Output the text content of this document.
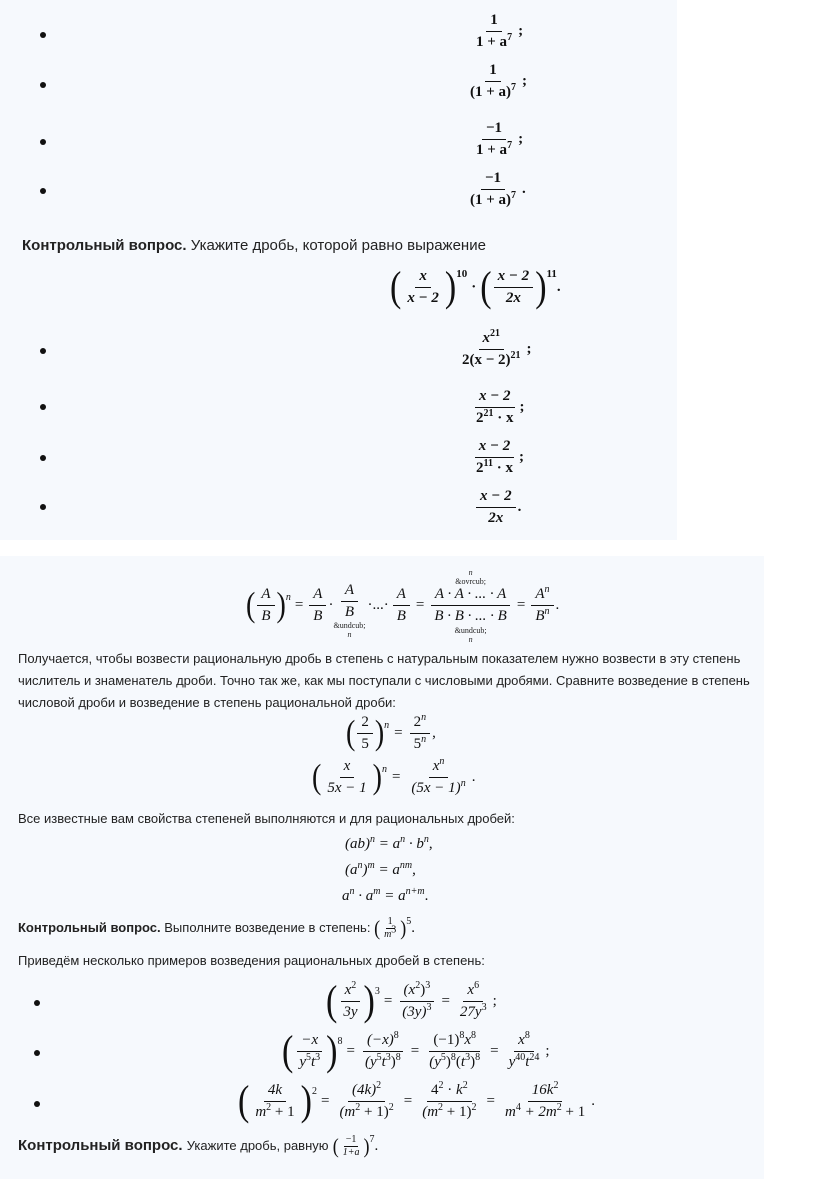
$\frac{1}{1 + a^7}$ ;
$\frac{1}{(1 + a)^7}$ ;
$\frac{-1}{1 + a^7}$ ;
$\frac{-1}{(1 + a)^7}$ .
Контрольный вопрос. Укажите дробь, которой равно выражение
( $\frac{x}{x - 2}$ ) 10
· ( $\frac{x - 2}{2x}$ ) 11
.
$\frac{x^{21}}{2(x - 2)^{21}}$ ;
$\frac{x - 2}{2^{21} \cdot x}$ ;
$\frac{x - 2}{2^{11} \cdot x}$ ;
$\frac{x - 2}{2x}$ .
( $\frac{A}{B} )^n = \frac{A}{B}$ ·
$\frac{A}{B}$
&undcub;
n
·...· $\frac{A}{B}$ =
n
&ovrcub;
$\frac{A \cdot A \cdot ... \cdot A}{B \cdot B \cdot ... \cdot B}$
&undcub;
n
= $\frac{A^n}{B^n}$ .
Получается, чтобы возвести рациональную дробь в степень с натуральным показателем нужно возвести в эту степень числитель и знаменатель дроби. Точно так же, как мы поступали с числовыми дробями. Сравните возведение в степень числовой дроби и возведение в степень рациональной дроби:
( $\frac{2}{5} )^n = \frac{2^n}{5^n}$ ,
( $\frac{x}{5x - 1} )^n = \frac{x^n}{(5x - 1)^n}$ .
Все известные вам свойства степеней выполняются и для рациональных дробей:
$(ab)^n = a^n \cdot b^n$,
$(a^n)^m = a^{nm}$,
$a^n \cdot a^m = a^{n+m}$.
Контрольный вопрос.
Выполните возведение в степень:
( $\frac{1}{m^3} )^5$ .
Приведём несколько примеров возведения рациональных дробей в степень:
( $\frac{x^2}{3y} )^3$
= $\frac{(x^2)^3}{(3y)^3} = \frac{x^6}{27y^3}$ ;
( $\frac{-x}{y^5t^3} )^8$
= $\frac{(-x)^8}{(y^5t^3)^8} = \frac{(-1)^8x^8}{(y^5)^8(t^3)^8} = \frac{x^8}{y^{40}t^{24}}$ ;
( $\frac{4k}{m^2 + 1} )^2$
= $\frac{(4k)^2}{(m^2 + 1)^2} = \frac{4^2 \cdot k^2}{(m^2 + 1)^2} = \frac{16k^2}{m^4 + 2m^2 + 1}$ .
Контрольный вопрос.
Укажите дробь, равную
( $\frac{-1}{1+a} )^7$ .
